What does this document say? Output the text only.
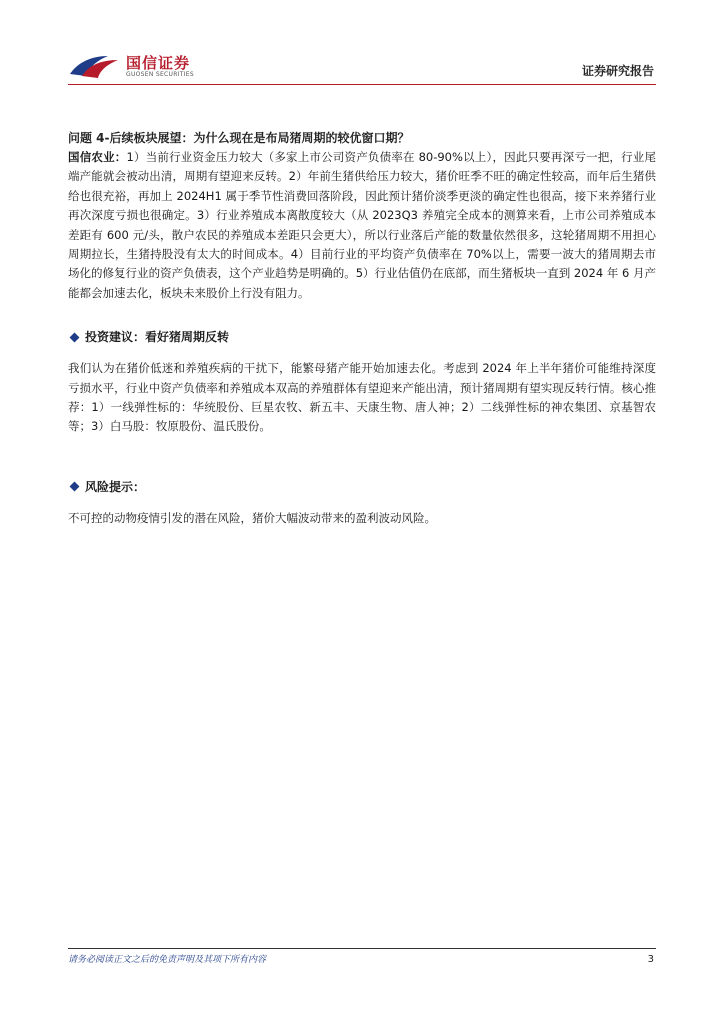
国信证券
GUOSEN SECURITIES	证券研究报告

问题 4-后续板块展望：为什么现在是布局猪周期的较优窗口期？

国信农业：1）当前行业资金压力较大（多家上市公司资产负债率在 80-90%以上），因此只要再深亏一把，行业尾端产能就会被动出清，周期有望迎来反转。2）年前生猪供给压力较大，猪价旺季不旺的确定性较高，而年后生猪供给也很充裕，再加上 2024H1 属于季节性消费回落阶段，因此预计猪价淡季更淡的确定性也很高，接下来养猪行业再次深度亏损也很确定。3）行业养殖成本离散度较大（从 2023Q3 养殖完全成本的测算来看，上市公司养殖成本差距有 600 元/头，散户农民的养殖成本差距只会更大），所以行业落后产能的数量依然很多，这轮猪周期不用担心周期拉长，生猪持股没有太大的时间成本。4）目前行业的平均资产负债率在 70%以上，需要一波大的猪周期去市场化的修复行业的资产负债表，这个产业趋势是明确的。5）行业估值仍在底部，而生猪板块一直到 2024 年 6 月产能都会加速去化，板块未来股价上行没有阻力。

投资建议：看好猪周期反转

我们认为在猪价低迷和养殖疾病的干扰下，能繁母猪产能开始加速去化。考虑到 2024 年上半年猪价可能维持深度亏损水平，行业中资产负债率和养殖成本双高的养殖群体有望迎来产能出清，预计猪周期有望实现反转行情。核心推荐：1）一线弹性标的：华统股份、巨星农牧、新五丰、天康生物、唐人神；2）二线弹性标的神农集团、京基智农等；3）白马股：牧原股份、温氏股份。

风险提示：

不可控的动物疫情引发的潜在风险，猪价大幅波动带来的盈利波动风险。

请务必阅读正文之后的免责声明及其项下所有内容	3
